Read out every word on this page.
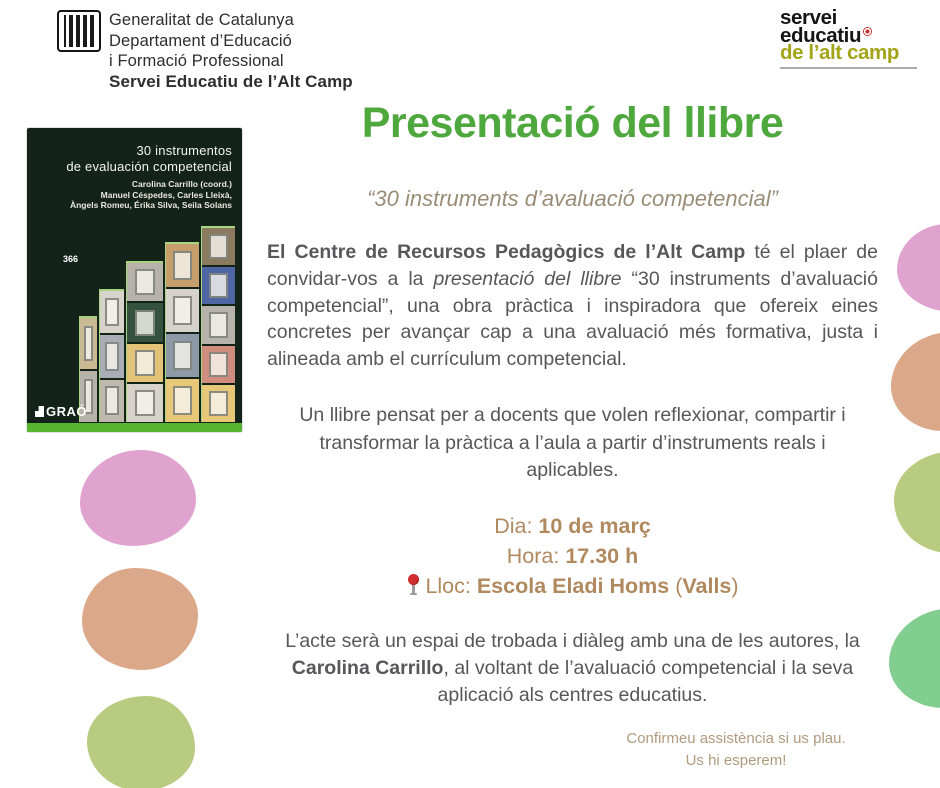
Generalitat de Catalunya
Departament d’Educació
i Formació Professional
Servei Educatiu de l’Alt Camp
servei
educatiu
de l’alt camp
30 instrumentos
de evaluación competencial
Carolina Carrillo (coord.)
Manuel Céspedes, Carles Lleixà,
Àngels Romeu, Érika Silva, Seila Solans
366
GRAÓ
Presentació del llibre
“30 instruments d’avaluació competencial”

El Centre de Recursos Pedagògics de l’Alt Camp té el plaer de convidar-vos a la presentació del llibre “30 instruments d’avaluació competencial”, una obra pràctica i inspiradora que ofereix eines concretes per avançar cap a una avaluació més formativa, justa i alineada amb el currículum competencial.

Un llibre pensat per a docents que volen reflexionar, compartir i transformar la pràctica a l’aula a partir d’instruments reals i aplicables.

Dia: 10 de març
Hora: 17.30 h
Lloc: Escola Eladi Homs (Valls)

L’acte serà un espai de trobada i diàleg amb una de les autores, la Carolina Carrillo, al voltant de l’avaluació competencial i la seva aplicació als centres educatius.

Confirmeu assistència si us plau.
Us hi esperem!
